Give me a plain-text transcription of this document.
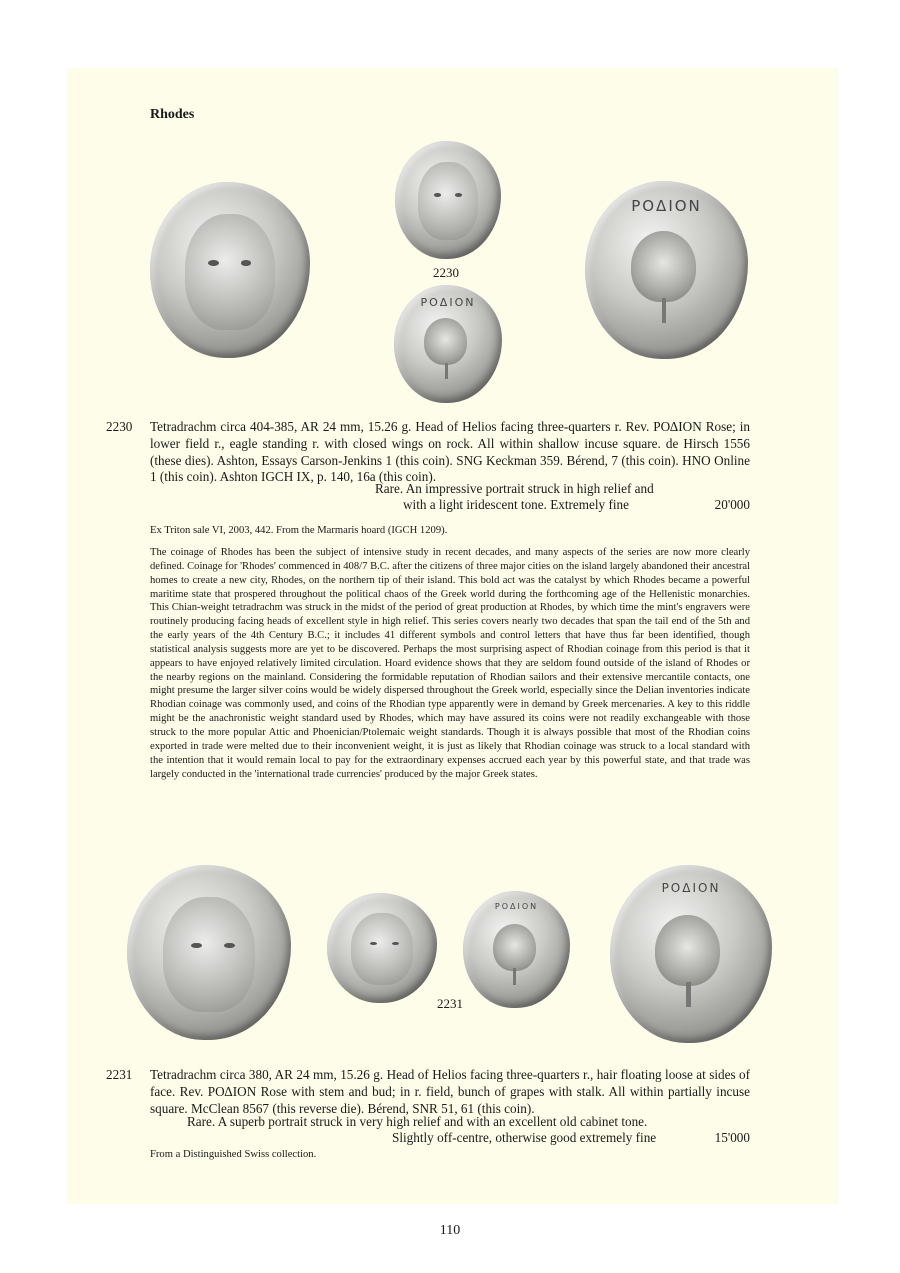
Rhodes
2230
ΡΟΔΙΟΝ
ΡΟΔΙΟΝ
2230 Tetradrachm circa 404-385, AR 24 mm, 15.26 g. Head of Helios facing three-quarters r. Rev. ΡΟΔΙΟΝ Rose; in lower field r., eagle standing r. with closed wings on rock. All within shallow incuse square. de Hirsch 1556 (these dies). Ashton, Essays Carson-Jenkins 1 (this coin). SNG Keckman 359. Bérend, 7 (this coin). HNO Online 1 (this coin). Ashton IGCH IX, p. 140, 16a (this coin).
Rare. An impressive portrait struck in high relief and
with a light iridescent tone. Extremely fine	20'000
Ex Triton sale VI, 2003, 442. From the Marmaris hoard (IGCH 1209).
The coinage of Rhodes has been the subject of intensive study in recent decades, and many aspects of the series are now more clearly defined. Coinage for 'Rhodes' commenced in 408/7 B.C. after the citizens of three major cities on the island largely abandoned their ancestral homes to create a new city, Rhodes, on the northern tip of their island. This bold act was the catalyst by which Rhodes became a powerful maritime state that prospered throughout the political chaos of the Greek world during the forthcoming age of the Hellenistic monarchies. This Chian-weight tetradrachm was struck in the midst of the period of great production at Rhodes, by which time the mint's engravers were routinely producing facing heads of excellent style in high relief. This series covers nearly two decades that span the tail end of the 5th and the early years of the 4th Century B.C.; it includes 41 different symbols and control letters that have thus far been identified, though statistical analysis suggests more are yet to be discovered. Perhaps the most surprising aspect of Rhodian coinage from this period is that it appears to have enjoyed relatively limited circulation. Hoard evidence shows that they are seldom found outside of the island of Rhodes or the nearby regions on the mainland. Considering the formidable reputation of Rhodian sailors and their extensive mercantile contacts, one might presume the larger silver coins would be widely dispersed throughout the Greek world, especially since the Delian inventories indicate Rhodian coinage was commonly used, and coins of the Rhodian type apparently were in demand by Greek mercenaries. A key to this riddle might be the anachronistic weight standard used by Rhodes, which may have assured its coins were not readily exchangeable with those struck to the more popular Attic and Phoenician/Ptolemaic weight standards. Though it is always possible that most of the Rhodian coins exported in trade were melted due to their inconvenient weight, it is just as likely that Rhodian coinage was struck to a local standard with the intention that it would remain local to pay for the extraordinary expenses accrued each year by this powerful state, and that trade was largely conducted in the 'international trade currencies' produced by the major Greek states.
2231
ΡΟΔΙΟΝ
ΡΟΔΙΟΝ
2231 Tetradrachm circa 380, AR 24 mm, 15.26 g. Head of Helios facing three-quarters r., hair floating loose at sides of face. Rev. ΡΟΔΙΟΝ Rose with stem and bud; in r. field, bunch of grapes with stalk. All within partially incuse square. McClean 8567 (this reverse die). Bérend, SNR 51, 61 (this coin).
Rare. A superb portrait struck in very high relief and with an excellent old cabinet tone.
Slightly off-centre, otherwise good extremely fine	15'000
From a Distinguished Swiss collection.
110
